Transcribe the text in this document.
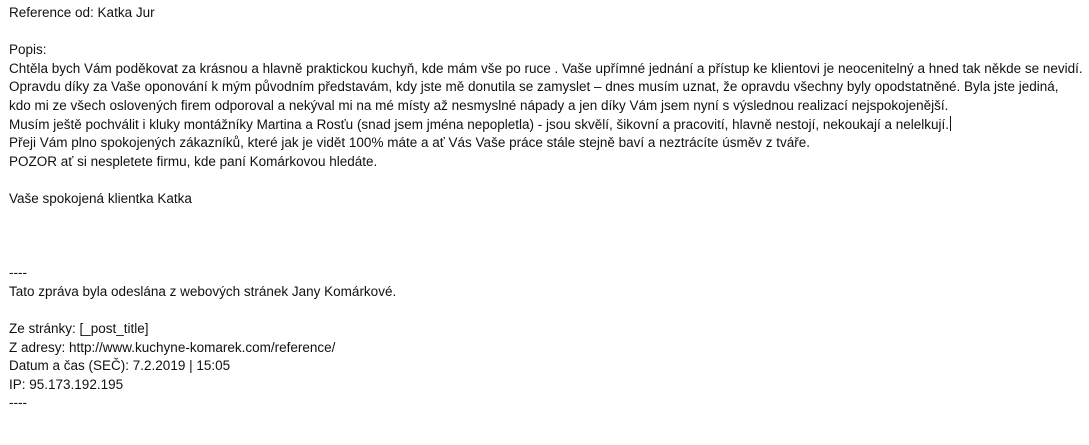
Reference od: Katka Jur
Popis:
Chtěla bych Vám poděkovat za krásnou a hlavně praktickou kuchyň, kde mám vše po ruce . Vaše upřímné jednání a přístup ke klientovi je neocenitelný a hned tak někde se nevidí.
Opravdu díky za Vaše oponování k mým původním představám, kdy jste mě donutila se zamyslet – dnes musím uznat, že opravdu všechny byly opodstatněné. Byla jste jediná,
kdo mi ze všech oslovených firem odporoval a nekýval mi na mé místy až nesmyslné nápady a jen díky Vám jsem nyní s výslednou realizací nejspokojenější.
Musím ještě pochválit i kluky montážníky Martina a Rosťu (snad jsem jména nepopletla) - jsou skvělí, šikovní a pracovití, hlavně nestojí, nekoukají a nelelkují.
Přeji Vám plno spokojených zákazníků, které jak je vidět 100% máte a ať Vás Vaše práce stále stejně baví a neztrácíte úsměv z tváře.
POZOR ať si nespletete firmu, kde paní Komárkovou hledáte.
Vaše spokojená klientka Katka
----
Tato zpráva byla odeslána z webových stránek Jany Komárkové.
Ze stránky: [_post_title]
Z adresy: http://www.kuchyne-komarek.com/reference/
Datum a čas (SEČ): 7.2.2019 | 15:05
IP: 95.173.192.195
----
